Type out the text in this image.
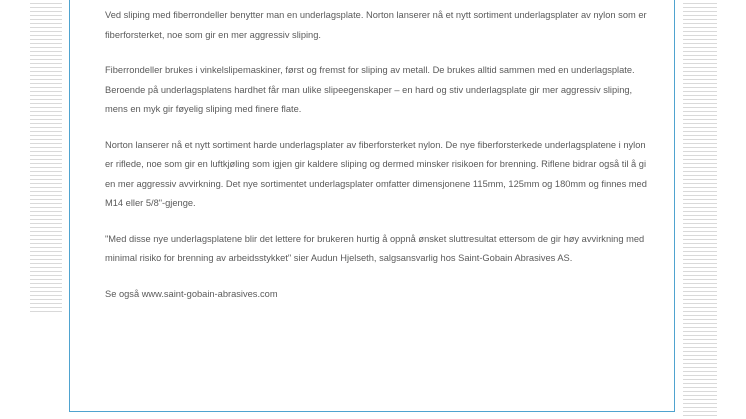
Ved sliping med fiberrondeller benytter man en underlagsplate. Norton lanserer nå et nytt sortiment underlagsplater av nylon som er fiberforsterket, noe som gir en mer aggressiv sliping.

Fiberrondeller brukes i vinkelslipemaskiner, først og fremst for sliping av metall. De brukes alltid sammen med en underlagsplate. Beroende på underlagsplatens hardhet får man ulike slipeegenskaper – en hard og stiv underlagsplate gir mer aggressiv sliping, mens en myk gir føyelig sliping med finere flate.

Norton lanserer nå et nytt sortiment harde underlagsplater av fiberforsterket nylon. De nye fiberforsterkede underlagsplatene i nylon er riflede, noe som gir en luftkjøling som igjen gir kaldere sliping og dermed minsker risikoen for brenning. Riflene bidrar også til å gi en mer aggressiv avvirkning. Det nye sortimentet underlagsplater omfatter dimensjonene 115mm, 125mm og 180mm og finnes med M14 eller 5/8"-gjenge.

"Med disse nye underlagsplatene blir det lettere for brukeren hurtig å oppnå ønsket sluttresultat ettersom de gir høy avvirkning med minimal risiko for brenning av arbeidsstykket" sier Audun Hjelseth, salgsansvarlig hos Saint-Gobain Abrasives AS.

Se også www.saint-gobain-abrasives.com
